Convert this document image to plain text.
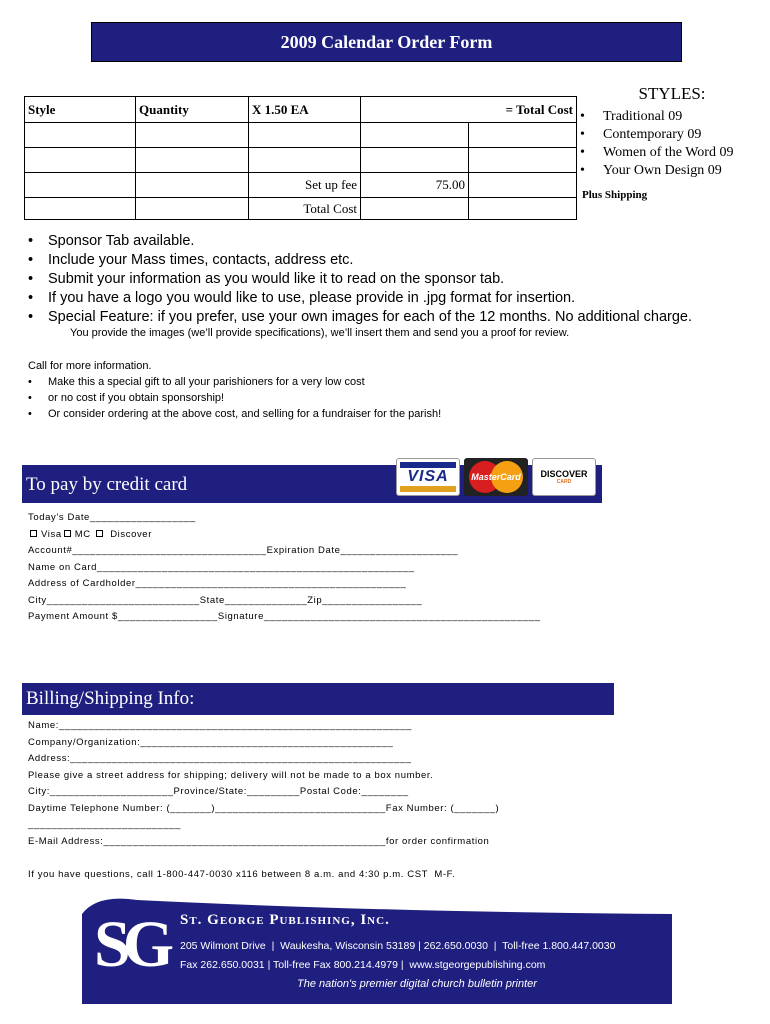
2009 Calendar Order Form
Style	Quantity	X 1.50 EA	= Total Cost	

		Set up fee	75.00	
		Total Cost		
STYLES:
• Traditional 09
• Contemporary 09
• Women of the Word 09
• Your Own Design 09
Plus Shipping
• Sponsor Tab available.
• Include your Mass times, contacts, address etc.
• Submit your information as you would like it to read on the sponsor tab.
• If you have a logo you would like to use, please provide in .jpg format for insertion.
• Special Feature: if you prefer, use your own images for each of the 12 months. No additional charge.
You provide the images (we’ll provide specifications), we’ll insert them and send you a proof for review.
Call for more information.
• Make this a special gift to all your parishioners for a very low cost
• or no cost if you obtain sponsorship!
• Or consider ordering at the above cost, and selling for a fundraiser for the parish!
To pay by credit card	VISA	MasterCard DISCOVER
CARD
Today’s Date__________________
Visa MC Discover
Account#_________________________________Expiration Date____________________
Name on Card______________________________________________________
Address of Cardholder______________________________________________
City__________________________State______________Zip_________________
Payment Amount $_________________Signature_______________________________________________
Billing/Shipping Info:
Name:____________________________________________________________
Company/Organization:___________________________________________
Address:__________________________________________________________
Please give a street address for shipping; delivery will not be made to a box number.
City:_____________________Province/State:_________Postal Code:________
Daytime Telephone Number: (_______)_____________________________Fax Number: (_______)
__________________________
E-Mail Address:________________________________________________for order confirmation
If you have questions, call 1-800-447-0030 x116 between 8 a.m. and 4:30 p.m. CST  M-F.
SG St. George Publishing, Inc.
205 Wilmont Drive  |  Waukesha, Wisconsin 53189 | 262.650.0030  |  Toll-free 1.800.447.0030
Fax 262.650.0031 | Toll-free Fax 800.214.4979 |  www.stgeorgepublishing.com
The nation's premier digital church bulletin printer
